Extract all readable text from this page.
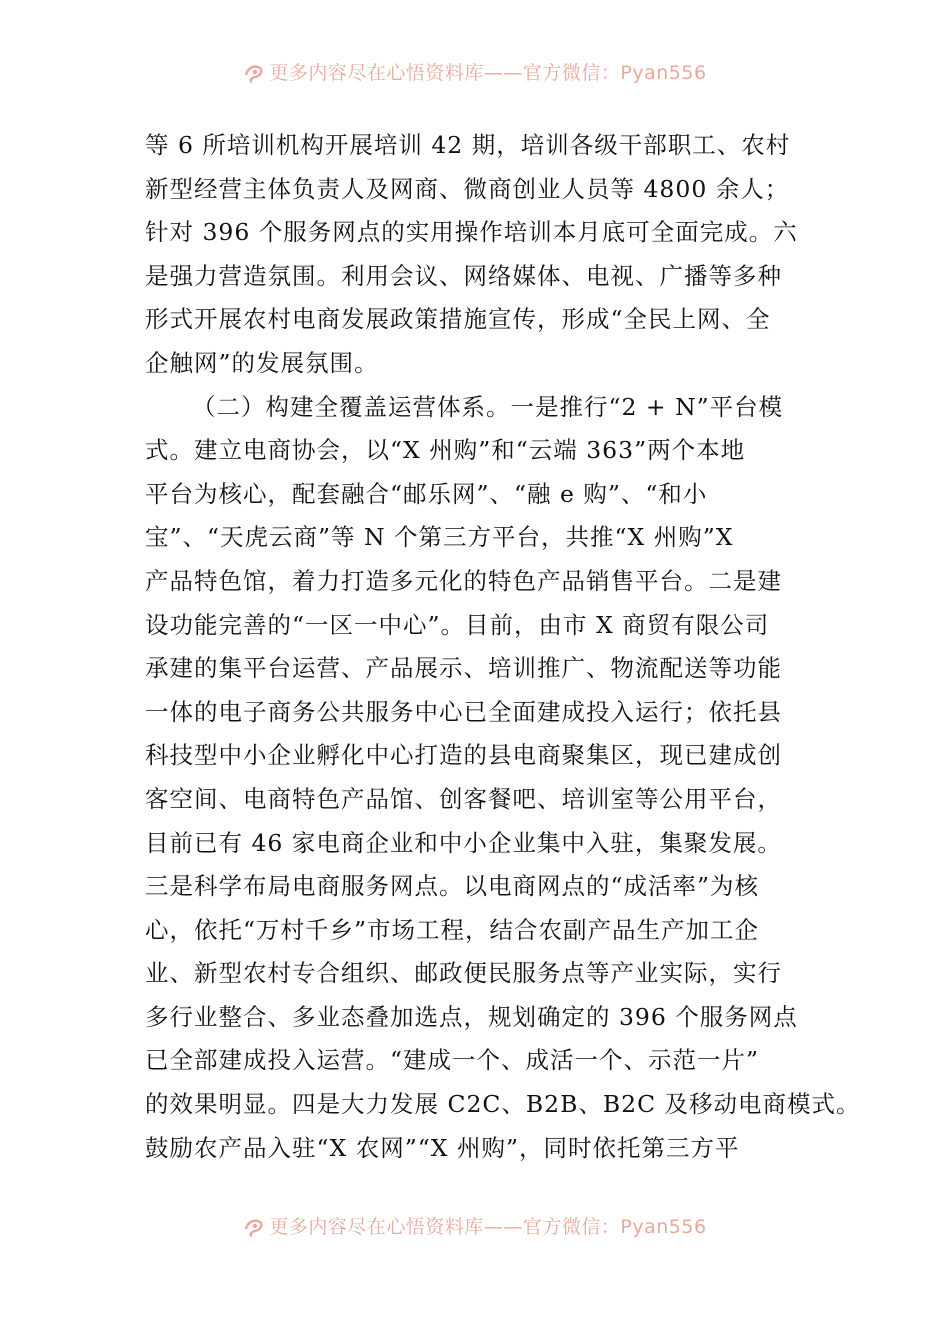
更多内容尽在心悟资料库——官方微信：Pyan556
等 6 所培训机构开展培训 42 期，培训各级干部职工、农村
新型经营主体负责人及网商、微商创业人员等 4800 余人；
针对 396 个服务网点的实用操作培训本月底可全面完成。六
是强力营造氛围。利用会议、网络媒体、电视、广播等多种
形式开展农村电商发展政策措施宣传，形成“全民上网、全
企触网”的发展氛围。
（二）构建全覆盖运营体系。一是推行“2 + N”平台模
式。建立电商协会，以“X 州购”和“云端 363”两个本地
平台为核心，配套融合“邮乐网”、“融 e 购”、“和小
宝”、“天虎云商”等 N 个第三方平台，共推“X 州购”X
产品特色馆，着力打造多元化的特色产品销售平台。二是建
设功能完善的“一区一中心”。目前，由市 X 商贸有限公司
承建的集平台运营、产品展示、培训推广、物流配送等功能
一体的电子商务公共服务中心已全面建成投入运行；依托县
科技型中小企业孵化中心打造的县电商聚集区，现已建成创
客空间、电商特色产品馆、创客餐吧、培训室等公用平台，
目前已有 46 家电商企业和中小企业集中入驻，集聚发展。
三是科学布局电商服务网点。以电商网点的“成活率”为核
心，依托“万村千乡”市场工程，结合农副产品生产加工企
业、新型农村专合组织、邮政便民服务点等产业实际，实行
多行业整合、多业态叠加选点，规划确定的 396 个服务网点
已全部建成投入运营。“建成一个、成活一个、示范一片”
的效果明显。四是大力发展 C2C、B2B、B2C 及移动电商模式。
鼓励农产品入驻“X 农网”“X 州购”，同时依托第三方平
更多内容尽在心悟资料库——官方微信：Pyan556
